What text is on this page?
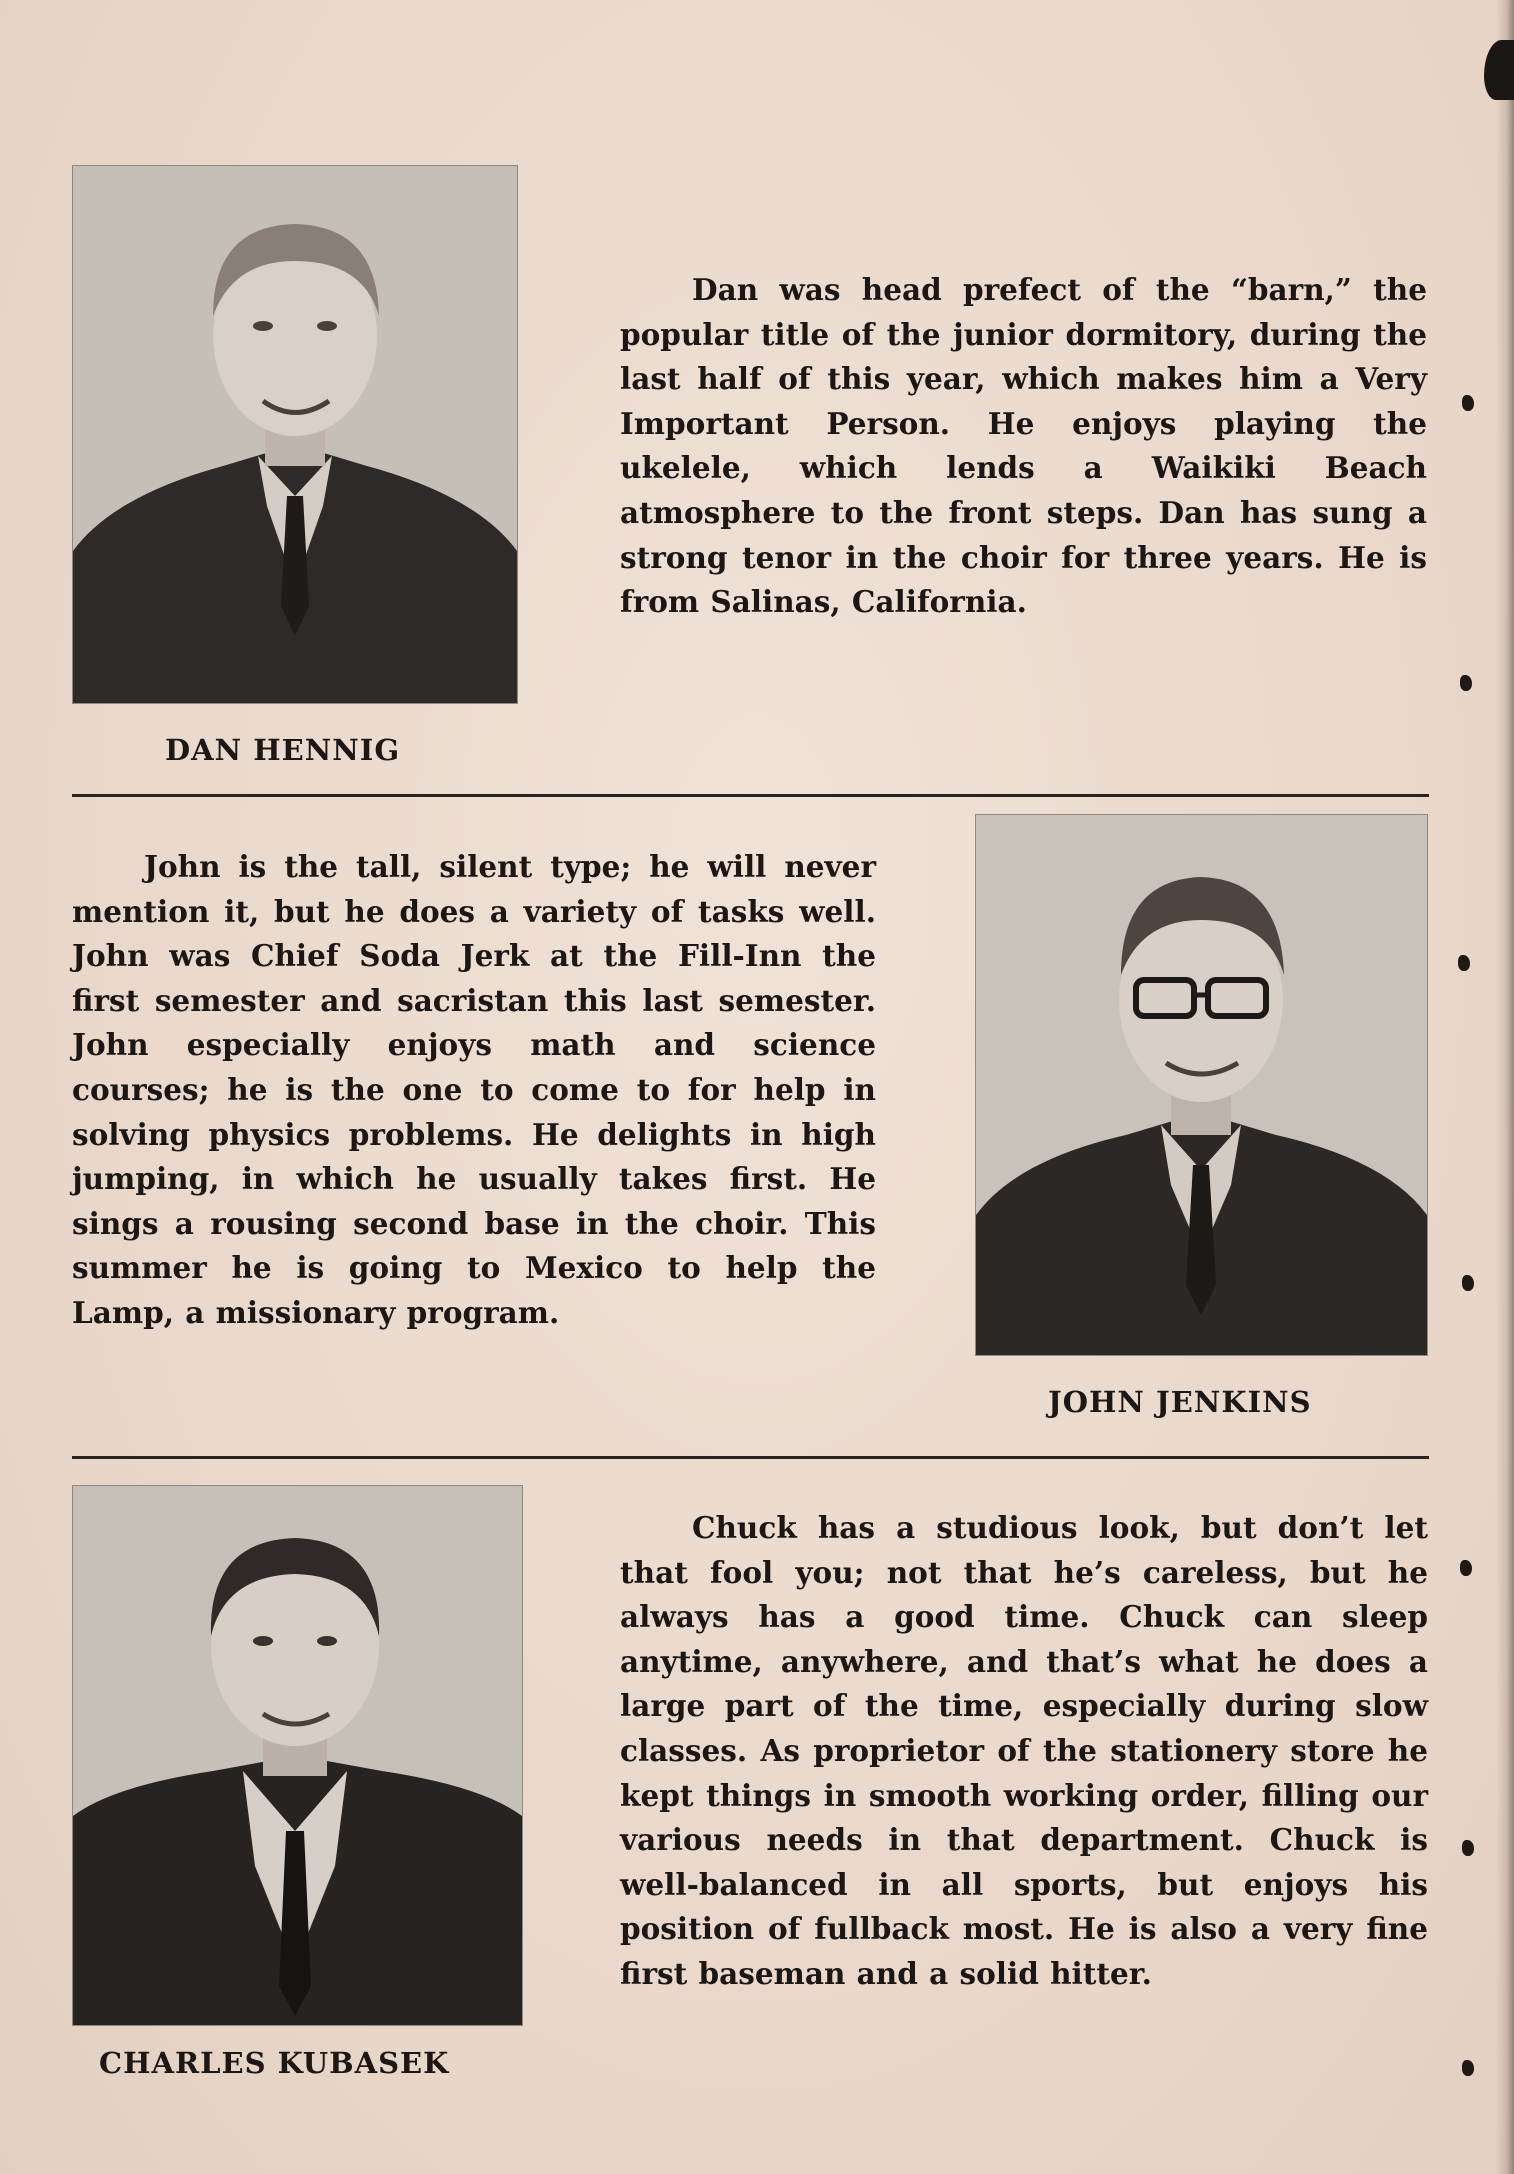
Dan was head prefect of the “barn,” the popular title of the junior dormitory, during the last half of this year, which makes him a Very Important Person. He enjoys playing the ukelele, which lends a Waikiki Beach atmosphere to the front steps. Dan has sung a strong tenor in the choir for three years. He is from Salinas, California.

DAN HENNIG

John is the tall, silent type; he will never mention it, but he does a variety of tasks well. John was Chief Soda Jerk at the Fill-Inn the first semester and sacristan this last semester. John especially enjoys math and science courses; he is the one to come to for help in solving physics problems. He delights in high jumping, in which he usually takes first. He sings a rousing second base in the choir. This summer he is going to Mexico to help the Lamp, a missionary program.

JOHN JENKINS

Chuck has a studious look, but don’t let that fool you; not that he’s careless, but he always has a good time. Chuck can sleep anytime, anywhere, and that’s what he does a large part of the time, especially during slow classes. As proprietor of the stationery store he kept things in smooth working order, filling our various needs in that department. Chuck is well-balanced in all sports, but enjoys his position of fullback most. He is also a very fine first baseman and a solid hitter.

CHARLES KUBASEK
